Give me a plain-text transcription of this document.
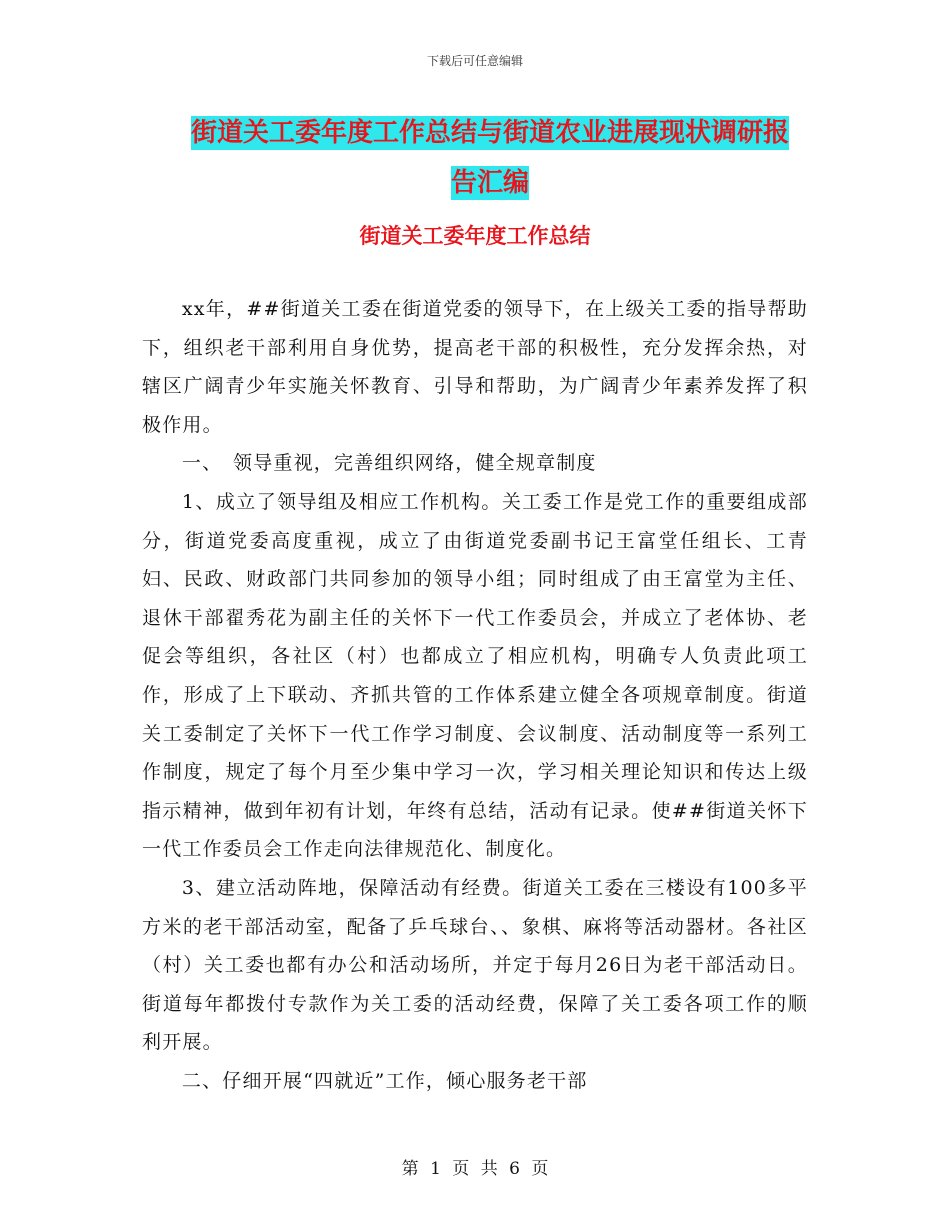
下载后可任意编辑
街道关工委年度工作总结与街道农业进展现状调研报
告汇编
街道关工委年度工作总结

xx年，##街道关工委在街道党委的领导下，在上级关工委的指导帮助下，组织老干部利用自身优势，提高老干部的积极性，充分发挥余热，对辖区广阔青少年实施关怀教育、引导和帮助，为广阔青少年素养发挥了积极作用。

一、　领导重视，完善组织网络，健全规章制度

1、成立了领导组及相应工作机构。关工委工作是党工作的重要组成部分，街道党委高度重视，成立了由街道党委副书记王富堂任组长、工青妇、民政、财政部门共同参加的领导小组；同时组成了由王富堂为主任、退休干部翟秀花为副主任的关怀下一代工作委员会，并成立了老体协、老促会等组织，各社区（村）也都成立了相应机构，明确专人负责此项工作，形成了上下联动、齐抓共管的工作体系建立健全各项规章制度。街道关工委制定了关怀下一代工作学习制度、会议制度、活动制度等一系列工作制度，规定了每个月至少集中学习一次，学习相关理论知识和传达上级指示精神，做到年初有计划，年终有总结，活动有记录。使##街道关怀下一代工作委员会工作走向法律规范化、制度化。

3、建立活动阵地，保障活动有经费。街道关工委在三楼设有100多平方米的老干部活动室，配备了乒乓球台、、象棋、麻将等活动器材。各社区（村）关工委也都有办公和活动场所，并定于每月26日为老干部活动日。街道每年都拨付专款作为关工委的活动经费，保障了关工委各项工作的顺利开展。

二、仔细开展“四就近”工作，倾心服务老干部

第 1 页 共 6 页
